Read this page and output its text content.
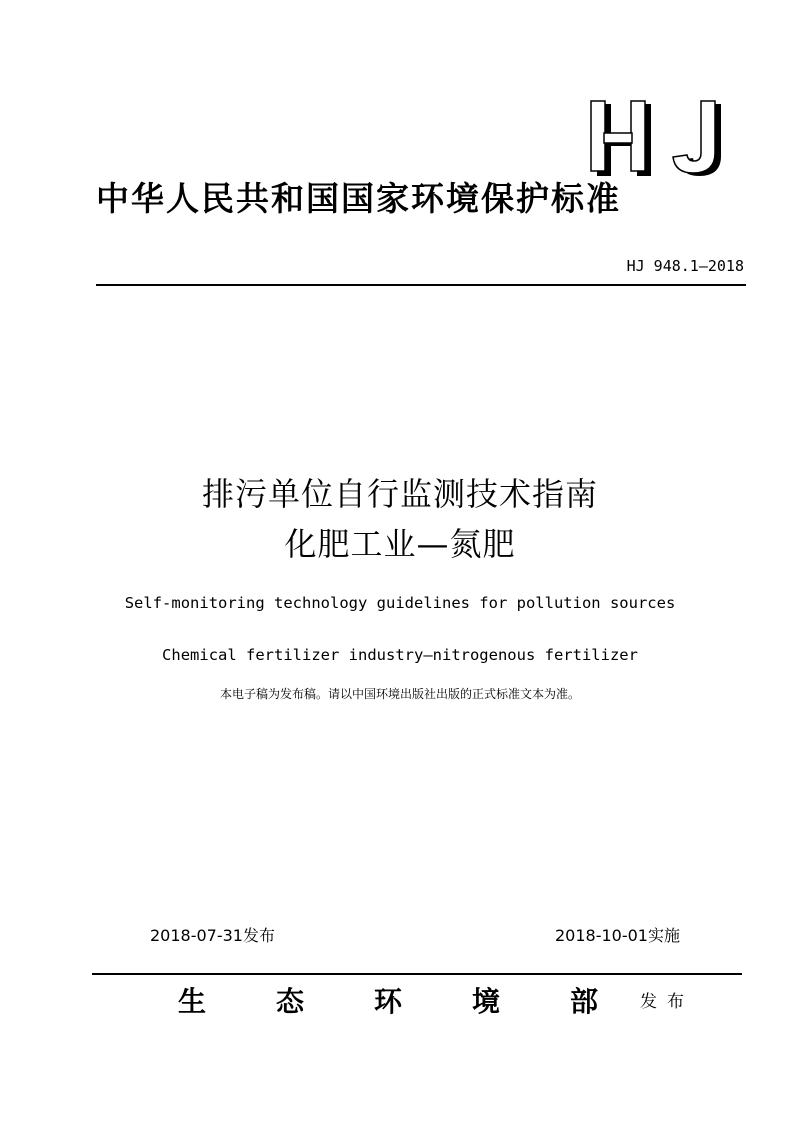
中华人民共和国国家环境保护标准
HJ 948.1—2018
排污单位自行监测技术指南
化肥工业—氮肥
Self-monitoring technology guidelines for pollution sources
Chemical fertilizer industry—nitrogenous fertilizer
本电子稿为发布稿。请以中国环境出版社出版的正式标准文本为准。
2018-07-31发布	2018-10-01实施
生 态 环 境 部 发布
